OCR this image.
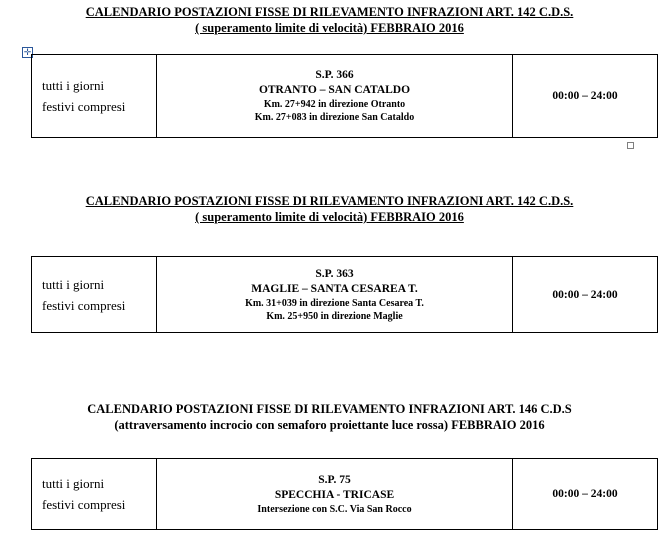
CALENDARIO POSTAZIONI FISSE DI RILEVAMENTO INFRAZIONI ART. 142 C.D.S.
( superamento limite di velocità) FEBBRAIO 2016
✛
tutti i giorni
festivi compresi

S.P. 366
OTRANTO – SAN CATALDO
Km. 27+942 in direzione Otranto
Km. 27+083 in direzione San Cataldo
	00:00 – 24:00
CALENDARIO POSTAZIONI FISSE DI RILEVAMENTO INFRAZIONI ART. 142 C.D.S.
( superamento limite di velocità) FEBBRAIO 2016
tutti i giorni
festivi compresi

S.P. 363
MAGLIE – SANTA CESAREA T.
Km. 31+039 in direzione Santa Cesarea T.
Km. 25+950 in direzione Maglie
	00:00 – 24:00
CALENDARIO POSTAZIONI FISSE DI RILEVAMENTO INFRAZIONI ART. 146 C.D.S
(attraversamento incrocio con semaforo proiettante luce rossa) FEBBRAIO 2016
tutti i giorni
festivi compresi

S.P. 75
SPECCHIA - TRICASE
Intersezione con S.C. Via San Rocco
	00:00 – 24:00
